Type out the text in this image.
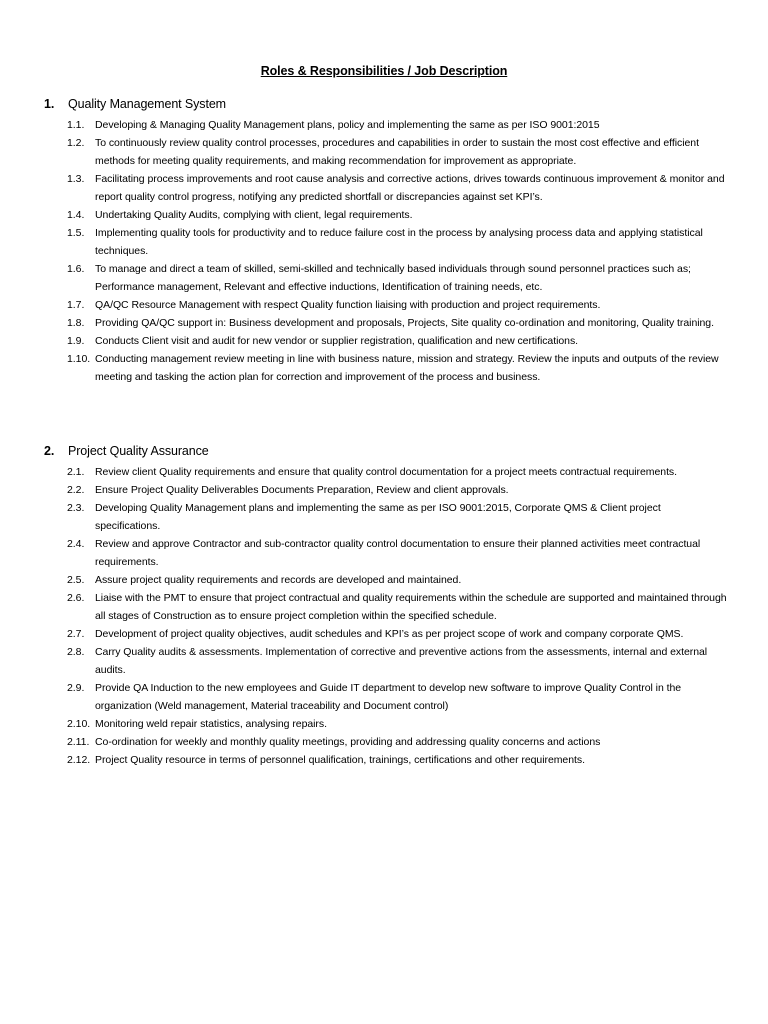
Roles & Responsibilities / Job Description
1. Quality Management System
1.1.	Developing & Managing Quality Management plans, policy and implementing the same as per ISO 9001:2015
1.2.	To continuously review quality control processes, procedures and capabilities in order to sustain the most cost effective and efficient methods for meeting quality requirements, and making recommendation for improvement as appropriate.
1.3.	Facilitating process improvements and root cause analysis and corrective actions, drives towards continuous improvement & monitor and report quality control progress, notifying any predicted shortfall or discrepancies against set KPI’s.
1.4.	Undertaking Quality Audits, complying with client, legal requirements.
1.5.	Implementing quality tools for productivity and to reduce failure cost in the process by analysing process data and applying statistical techniques.
1.6.	To manage and direct a team of skilled, semi-skilled and technically based individuals through sound personnel practices such as; Performance management, Relevant and effective inductions, Identification of training needs, etc.
1.7.	QA/QC Resource Management with respect Quality function liaising with production and project requirements.
1.8.	Providing QA/QC support in: Business development and proposals, Projects, Site quality co-ordination and monitoring, Quality training.
1.9.	Conducts Client visit and audit for new vendor or supplier registration, qualification and new certifications.
1.10. Conducting management review meeting in line with business nature, mission and strategy. Review the inputs and outputs of the review meeting and tasking the action plan for correction and improvement of the process and business.
2. Project Quality Assurance
2.1.	Review client Quality requirements and ensure that quality control documentation for a project meets contractual requirements.
2.2.	Ensure Project Quality Deliverables Documents Preparation, Review and client approvals.
2.3.	Developing Quality Management plans and implementing the same as per ISO 9001:2015, Corporate QMS & Client project specifications.
2.4.	Review and approve Contractor and sub-contractor quality control documentation to ensure their planned activities meet contractual requirements.
2.5.	Assure project quality requirements and records are developed and maintained.
2.6.	Liaise with the PMT to ensure that project contractual and quality requirements within the schedule are supported and maintained through all stages of Construction as to ensure project completion within the specified schedule.
2.7.	Development of project quality objectives, audit schedules and KPI’s as per project scope of work and company corporate QMS.
2.8.	Carry Quality audits & assessments. Implementation of corrective and preventive actions from the assessments, internal and external audits.
2.9.	Provide QA Induction to the new employees and Guide IT department to develop new software to improve Quality Control in the organization (Weld management, Material traceability and Document control)
2.10. Monitoring weld repair statistics, analysing repairs.
2.11. Co-ordination for weekly and monthly quality meetings, providing and addressing quality concerns and actions
2.12. Project Quality resource in terms of personnel qualification, trainings, certifications and other requirements.
